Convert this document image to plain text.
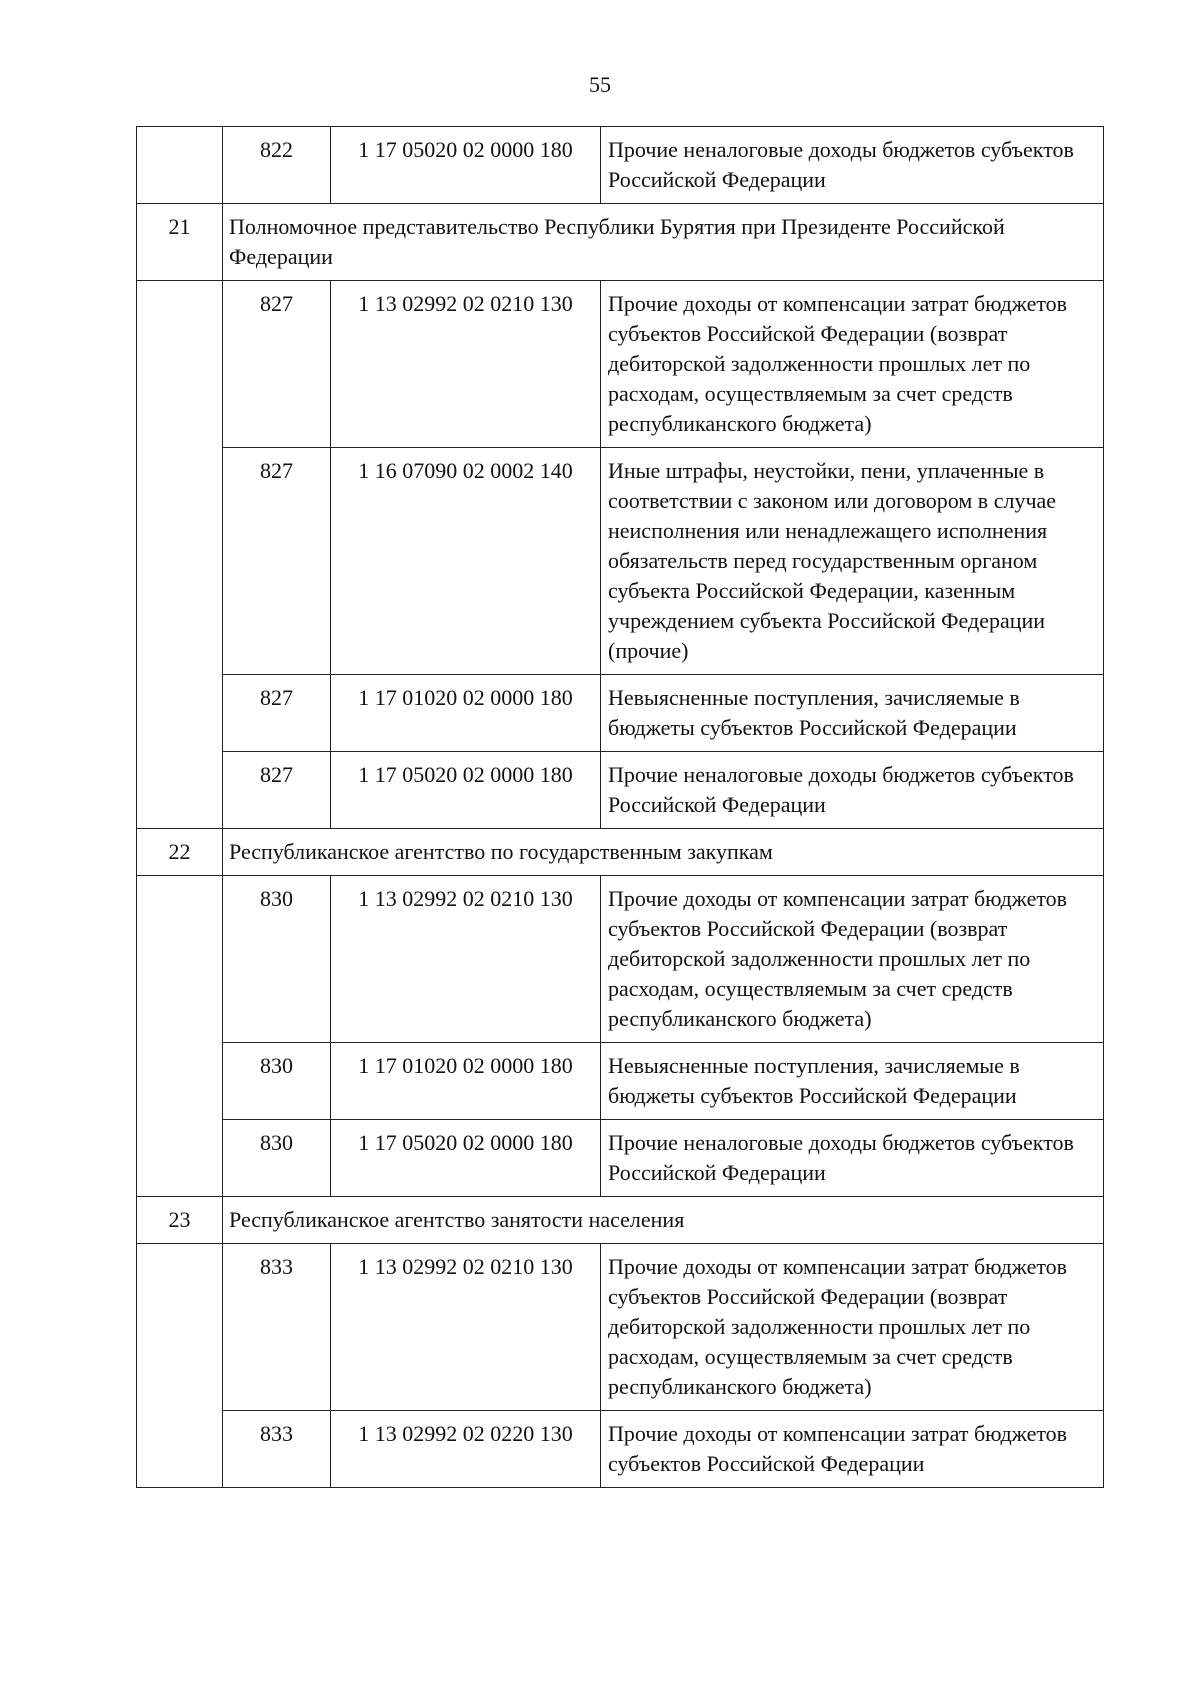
55
	822	1 17 05020 02 0000 180	Прочие неналоговые доходы бюджетов субъектов Российской Федерации
21	Полномочное представительство Республики Бурятия при Президенте Российской Федерации		
	827	1 13 02992 02 0210 130	Прочие доходы от компенсации затрат бюджетов субъектов Российской Федерации (возврат дебиторской задолженности прошлых лет по расходам, осуществляемым за счет средств республиканского бюджета)
	827	1 16 07090 02 0002 140	Иные штрафы, неустойки, пени, уплаченные в соответствии с законом или договором в случае неисполнения или ненадлежащего исполнения обязательств перед государственным органом субъекта Российской Федерации, казенным учреждением субъекта Российской Федерации (прочие)
	827	1 17 01020 02 0000 180	Невыясненные поступления, зачисляемые в бюджеты субъектов Российской Федерации
	827	1 17 05020 02 0000 180	Прочие неналоговые доходы бюджетов субъектов Российской Федерации
22	Республиканское агентство по государственным закупкам		
	830	1 13 02992 02 0210 130	Прочие доходы от компенсации затрат бюджетов субъектов Российской Федерации (возврат дебиторской задолженности прошлых лет по расходам, осуществляемым за счет средств республиканского бюджета)
	830	1 17 01020 02 0000 180	Невыясненные поступления, зачисляемые в бюджеты субъектов Российской Федерации
	830	1 17 05020 02 0000 180	Прочие неналоговые доходы бюджетов субъектов Российской Федерации
23	Республиканское агентство занятости населения		
	833	1 13 02992 02 0210 130	Прочие доходы от компенсации затрат бюджетов субъектов Российской Федерации (возврат дебиторской задолженности прошлых лет по расходам, осуществляемым за счет средств республиканского бюджета)
	833	1 13 02992 02 0220 130	Прочие доходы от компенсации затрат бюджетов субъектов Российской Федерации
